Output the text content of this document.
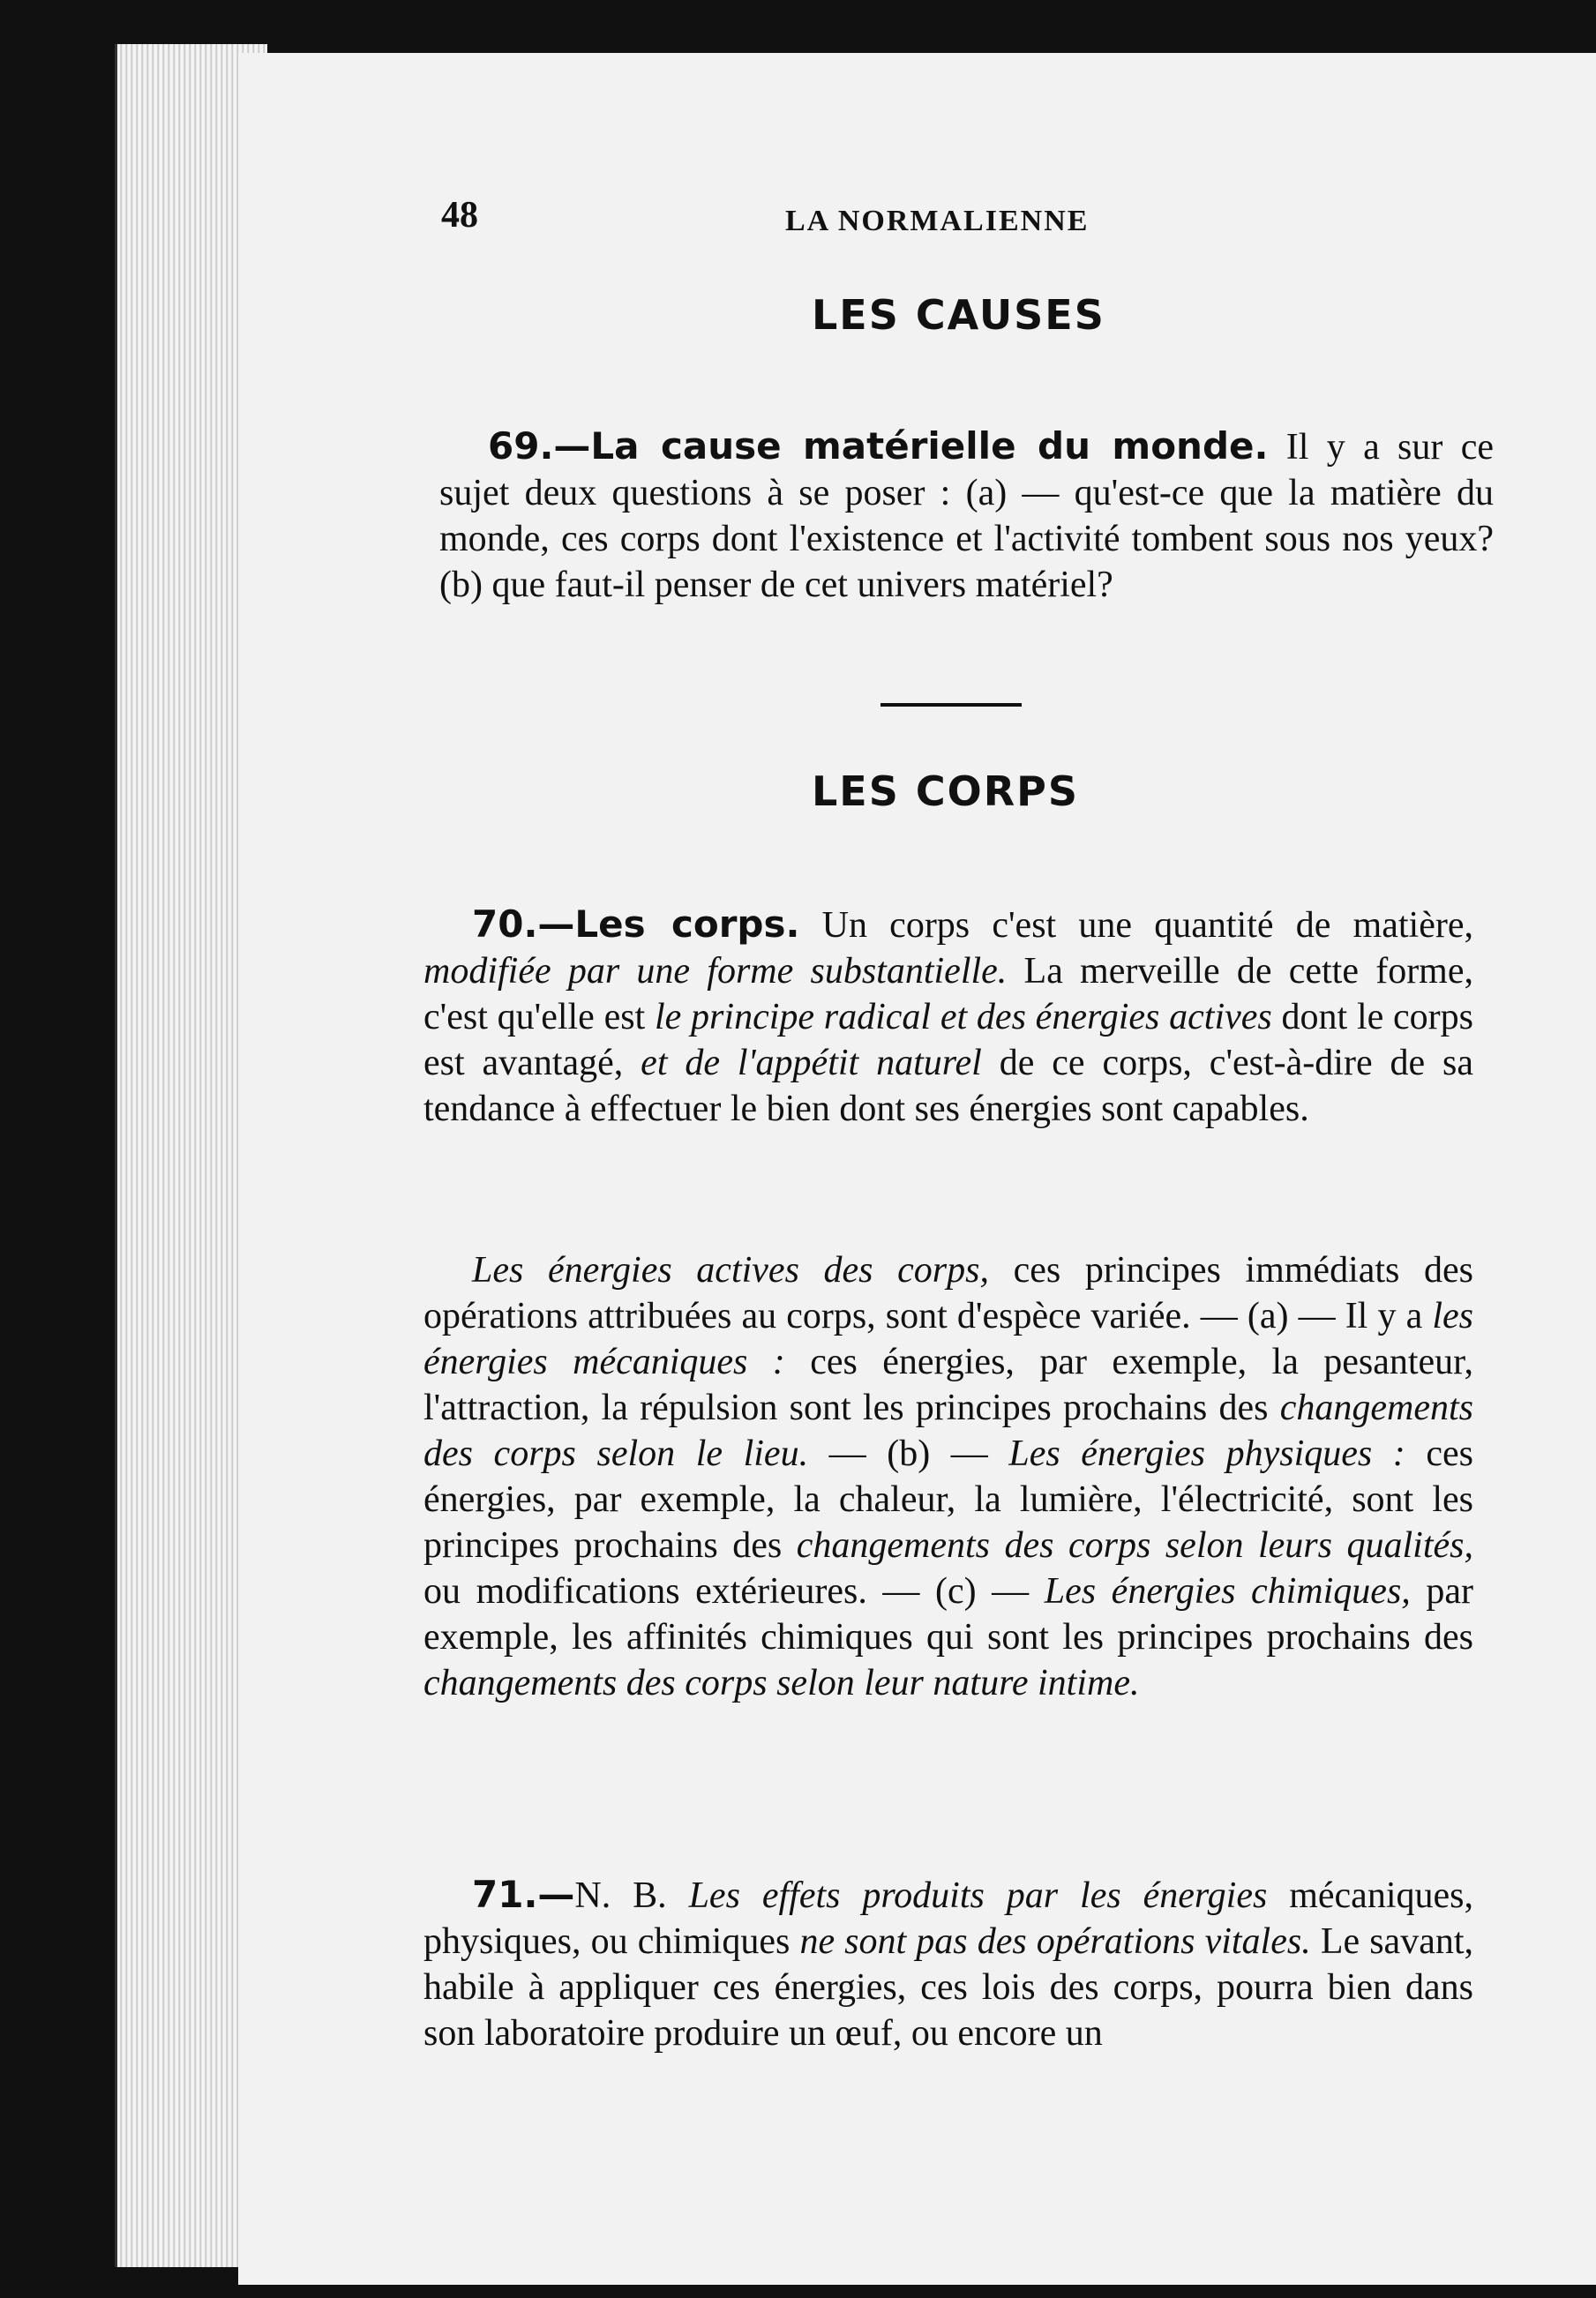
48	LA NORMALIENNE
LES CAUSES

69.—La cause matérielle du monde. Il y a sur ce sujet deux questions à se poser : (a) — qu'est-ce que la matière du monde, ces corps dont l'existence et l'activité tombent sous nos yeux? (b) que faut-il penser de cet univers matériel?

LES CORPS

70.—Les corps. Un corps c'est une quantité de matière, modifiée par une forme substantielle. La merveille de cette forme, c'est qu'elle est le principe radical et des énergies actives dont le corps est avantagé, et de l'appétit naturel de ce corps, c'est-à-dire de sa tendance à effectuer le bien dont ses énergies sont capables.

Les énergies actives des corps, ces principes immédiats des opérations attribuées au corps, sont d'espèce variée. — (a) — Il y a les énergies mécaniques : ces énergies, par exemple, la pesanteur, l'attraction, la répulsion sont les principes prochains des changements des corps selon le lieu. — (b) — Les énergies physiques : ces énergies, par exemple, la chaleur, la lumière, l'électricité, sont les principes prochains des changements des corps selon leurs qualités, ou modifications extérieures. — (c) — Les énergies chimiques, par exemple, les affinités chimiques qui sont les principes prochains des changements des corps selon leur nature intime.

71.—N. B. Les effets produits par les énergies mécaniques, physiques, ou chimiques ne sont pas des opérations vitales. Le savant, habile à appliquer ces énergies, ces lois des corps, pourra bien dans son laboratoire produire un œuf, ou encore un
